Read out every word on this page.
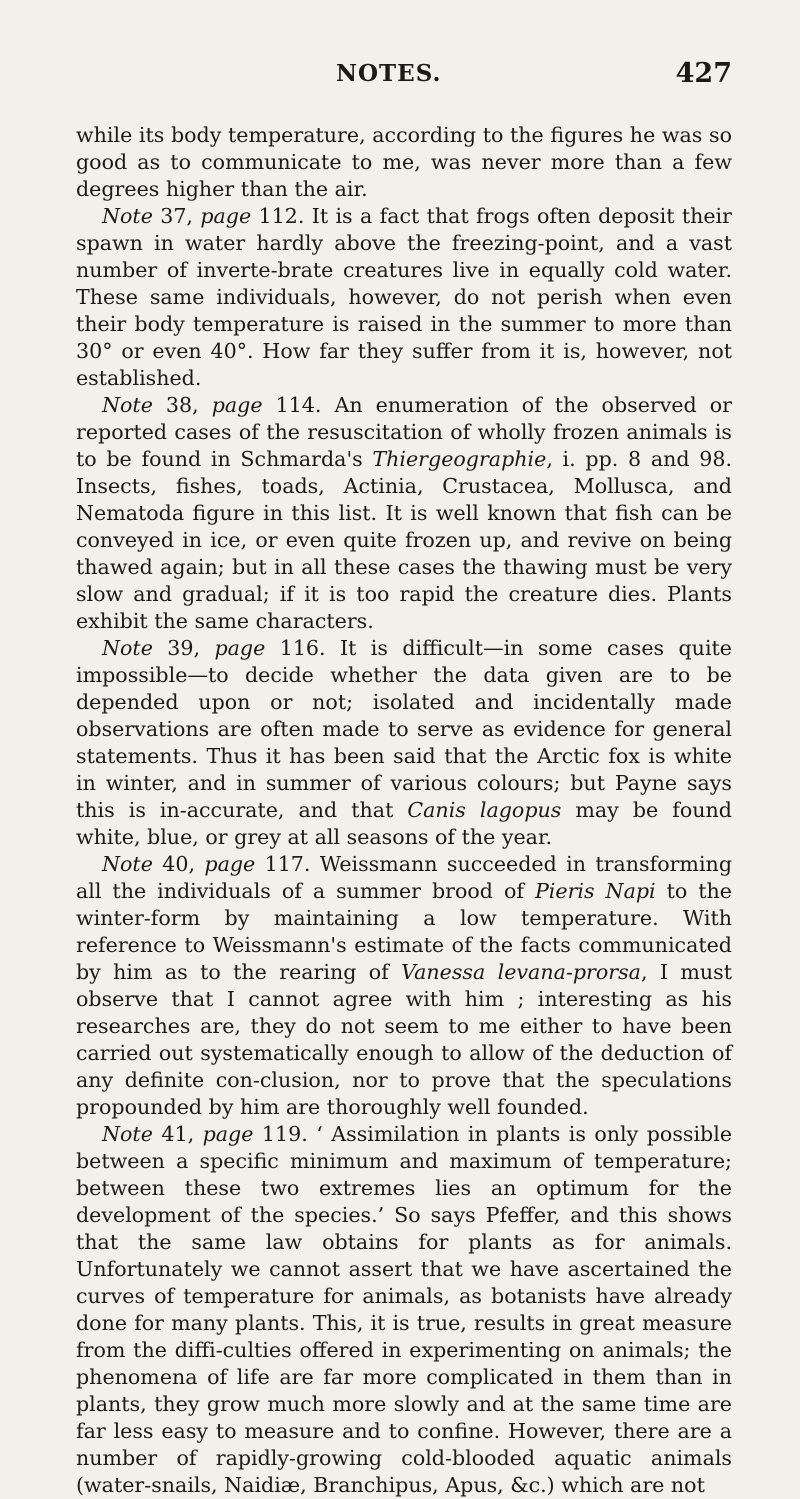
NOTES.	427

while its body temperature, according to the figures he was so good as to communicate to me, was never more than a few degrees higher than the air.

Note 37, page 112. It is a fact that frogs often deposit their spawn in water hardly above the freezing-point, and a vast number of inverte-brate creatures live in equally cold water. These same individuals, however, do not perish when even their body temperature is raised in the summer to more than 30° or even 40°. How far they suffer from it is, however, not established.

Note 38, page 114. An enumeration of the observed or reported cases of the resuscitation of wholly frozen animals is to be found in Schmarda's Thiergeographie, i. pp. 8 and 98. Insects, fishes, toads, Actinia, Crustacea, Mollusca, and Nematoda figure in this list. It is well known that fish can be conveyed in ice, or even quite frozen up, and revive on being thawed again; but in all these cases the thawing must be very slow and gradual; if it is too rapid the creature dies. Plants exhibit the same characters.

Note 39, page 116. It is difficult—in some cases quite impossible—to decide whether the data given are to be depended upon or not; isolated and incidentally made observations are often made to serve as evidence for general statements. Thus it has been said that the Arctic fox is white in winter, and in summer of various colours; but Payne says this is in-accurate, and that Canis lagopus may be found white, blue, or grey at all seasons of the year.

Note 40, page 117. Weissmann succeeded in transforming all the individuals of a summer brood of Pieris Napi to the winter-form by maintaining a low temperature. With reference to Weissmann's estimate of the facts communicated by him as to the rearing of Vanessa levana-prorsa, I must observe that I cannot agree with him ; interesting as his researches are, they do not seem to me either to have been carried out systematically enough to allow of the deduction of any definite con-clusion, nor to prove that the speculations propounded by him are thoroughly well founded.

Note 41, page 119. ‘ Assimilation in plants is only possible between a specific minimum and maximum of temperature; between these two extremes lies an optimum for the development of the species.’ So says Pfeffer, and this shows that the same law obtains for plants as for animals. Unfortunately we cannot assert that we have ascertained the curves of temperature for animals, as botanists have already done for many plants. This, it is true, results in great measure from the diffi-culties offered in experimenting on animals; the phenomena of life are far more complicated in them than in plants, they grow much more slowly and at the same time are far less easy to measure and to confine. However, there are a number of rapidly-growing cold-blooded aquatic animals (water-snails, Naidiæ, Branchipus, Apus, &c.) which are not
